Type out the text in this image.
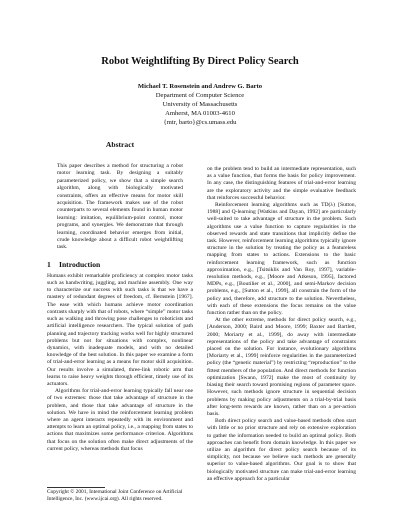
Robot Weightlifting By Direct Policy Search
Michael T. Rosenstein and Andrew G. Barto
Department of Computer Science
University of Massachusetts
Amherst, MA 01003-4610
{mtr, barto}@cs.umass.edu
Abstract

This paper describes a method for structuring a robot motor learning task. By designing a suitably parameterized policy, we show that a simple search algorithm, along with biologically motivated constraints, offers an effective means for motor skill acquisition. The framework makes use of the robot counterparts to several elements found in human motor learning: imitation, equilibrium-point control, motor programs, and synergies. We demonstrate that through learning, coordinated behavior emerges from initial, crude knowledge about a difficult robot weightlifting task.

1 Introduction

Humans exhibit remarkable proficiency at complex motor tasks such as handwriting, juggling, and machine assembly. One way to characterize our success with such tasks is that we have a mastery of redundant degrees of freedom, cf. Bernstein [1967]. The ease with which humans achieve motor coordination contrasts sharply with that of robots, where “simple” motor tasks such as walking and throwing pose challenges to roboticists and artificial intelligence researchers. The typical solution of path planning and trajectory tracking works well for highly structured problems but not for situations with complex, nonlinear dynamics, with inadequate models, and with no detailed knowledge of the best solution. In this paper we examine a form of trial-and-error learning as a means for motor skill acquisition. Our results involve a simulated, three-link robotic arm that learns to raise heavy weights through efficient, timely use of its actuators.

Algorithms for trial-and-error learning typically fall near one of two extremes: those that take advantage of structure in the problem, and those that take advantage of structure in the solution. We have in mind the reinforcement learning problem where an agent interacts repeatedly with its environment and attempts to learn an optimal policy, i.e., a mapping from states to actions that maximizes some performance criterion. Algorithms that focus on the solution often make direct adjustments of the current policy, whereas methods that focus

on the problem tend to build an intermediate representation, such as a value function, that forms the basis for policy improvement. In any case, the distinguishing features of trial-and-error learning are the exploratory activity and the simple evaluative feedback that reinforces successful behavior.

Reinforcement learning algorithms such as TD(λ) [Sutton, 1988] and Q-learning [Watkins and Dayan, 1992] are particularly well-suited to take advantage of structure in the problem. Such algorithms use a value function to capture regularities in the observed rewards and state transitions that implicitly define the task. However, reinforcement learning algorithms typically ignore structure in the solution by treating the policy as a featureless mapping from states to actions. Extensions to the basic reinforcement learning framework, such as function approximation, e.g., [Tsitsiklis and Van Roy, 1997], variable-resolution methods, e.g., [Moore and Atkeson, 1995], factored MDPs, e.g., [Boutilier et al., 2000], and semi-Markov decision problems, e.g., [Sutton et al., 1999], all constrain the form of the policy and, therefore, add structure to the solution. Nevertheless, with each of these extensions the focus remains on the value function rather than on the policy.

At the other extreme, methods for direct policy search, e.g., [Anderson, 2000; Baird and Moore, 1999; Baxter and Bartlett, 2000; Moriarty et al., 1999], do away with intermediate representations of the policy and take advantage of constraints placed on the solution. For instance, evolutionary algorithms [Moriarty et al., 1999] reinforce regularities in the parameterized policy (the “genetic material”) by restricting “reproduction” to the fittest members of the population. And direct methods for function optimization [Swann, 1972] make the most of continuity by biasing their search toward promising regions of parameter space. However, such methods ignore structure in sequential decision problems by making policy adjustments on a trial-by-trial basis after long-term rewards are known, rather than on a per-action basis.

Both direct policy search and value-based methods often start with little or no prior structure and rely on extensive exploration to gather the information needed to build an optimal policy. Both approaches can benefit from domain knowledge. In this paper we utilize an algorithm for direct policy search because of its simplicity, not because we believe such methods are generally superior to value-based algorithms. Our goal is to show that biologically motivated structure can make trial-and-error learning an effective approach for a particular

Copyright © 2001, International Joint Conference on Artificial Intelligence, Inc. (www.ijcai.org). All rights reserved.
